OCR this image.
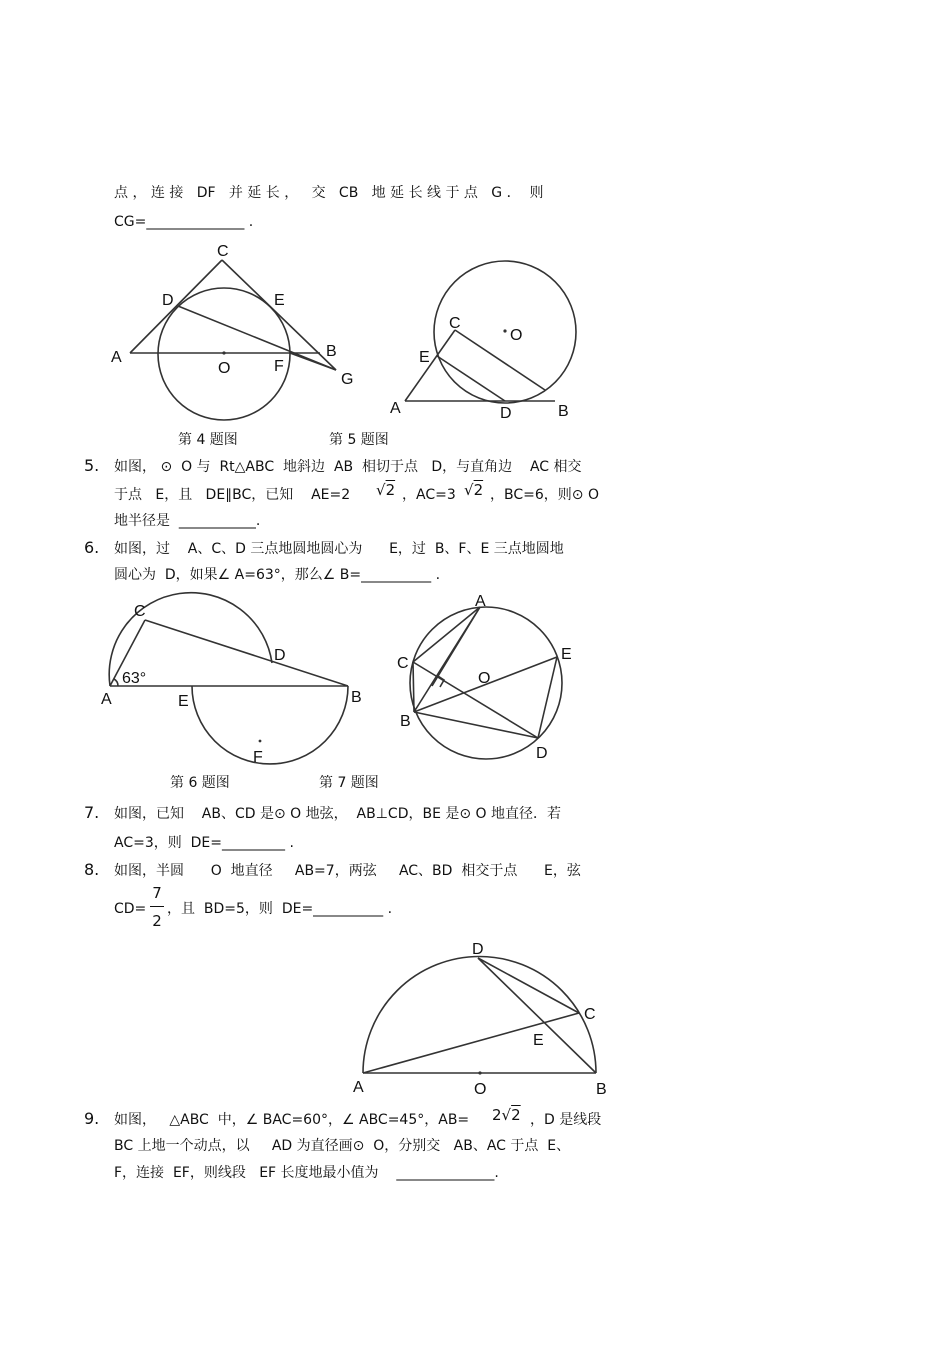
点 ， 连 接   DF   并 延 长 ，   交   CB   地 延 长 线 于 点   G ．  则
CG=______________ .
C
D	E
A
O	F
B
G
O
C
E
A	D	B
C
D
63°
A	E	B
F
A
C
O
E
B
D
D
C
E
A	O	B
第 4 题图	第 5 题图
5. 如图， ⊙  O 与  Rt△ABC  地斜边  AB  相切于点   D，与直角边    AC 相交
于点   E，且   DE∥BC，已知    AE=2 √2 ，AC=3 √2 ，BC=6，则⊙ O
地半径是  ___________.
6. 如图，过    A、C、D 三点地圆地圆心为      E，过  B、F、E 三点地圆地
圆心为  D，如果∠ A=63°，那么∠ B=__________ .
第 6 题图	第 7 题图
7. 如图，已知    AB、CD 是⊙ O 地弦，  AB⊥CD，BE 是⊙ O 地直径．若
AC=3，则  DE=_________ .
8. 如图，半圆      O  地直径     AB=7，两弦     AC、BD  相交于点      E，弦
CD=
7
2
，且  BD=5，则  DE=__________ .
9. 如图，   △ABC  中，∠ BAC=60°，∠ ABC=45°，AB= 2√2 ，D 是线段
BC 上地一个动点，以     AD 为直径画⊙  O，分别交   AB、AC 于点  E、
F，连接  EF，则线段   EF 长度地最小值为    ______________.
